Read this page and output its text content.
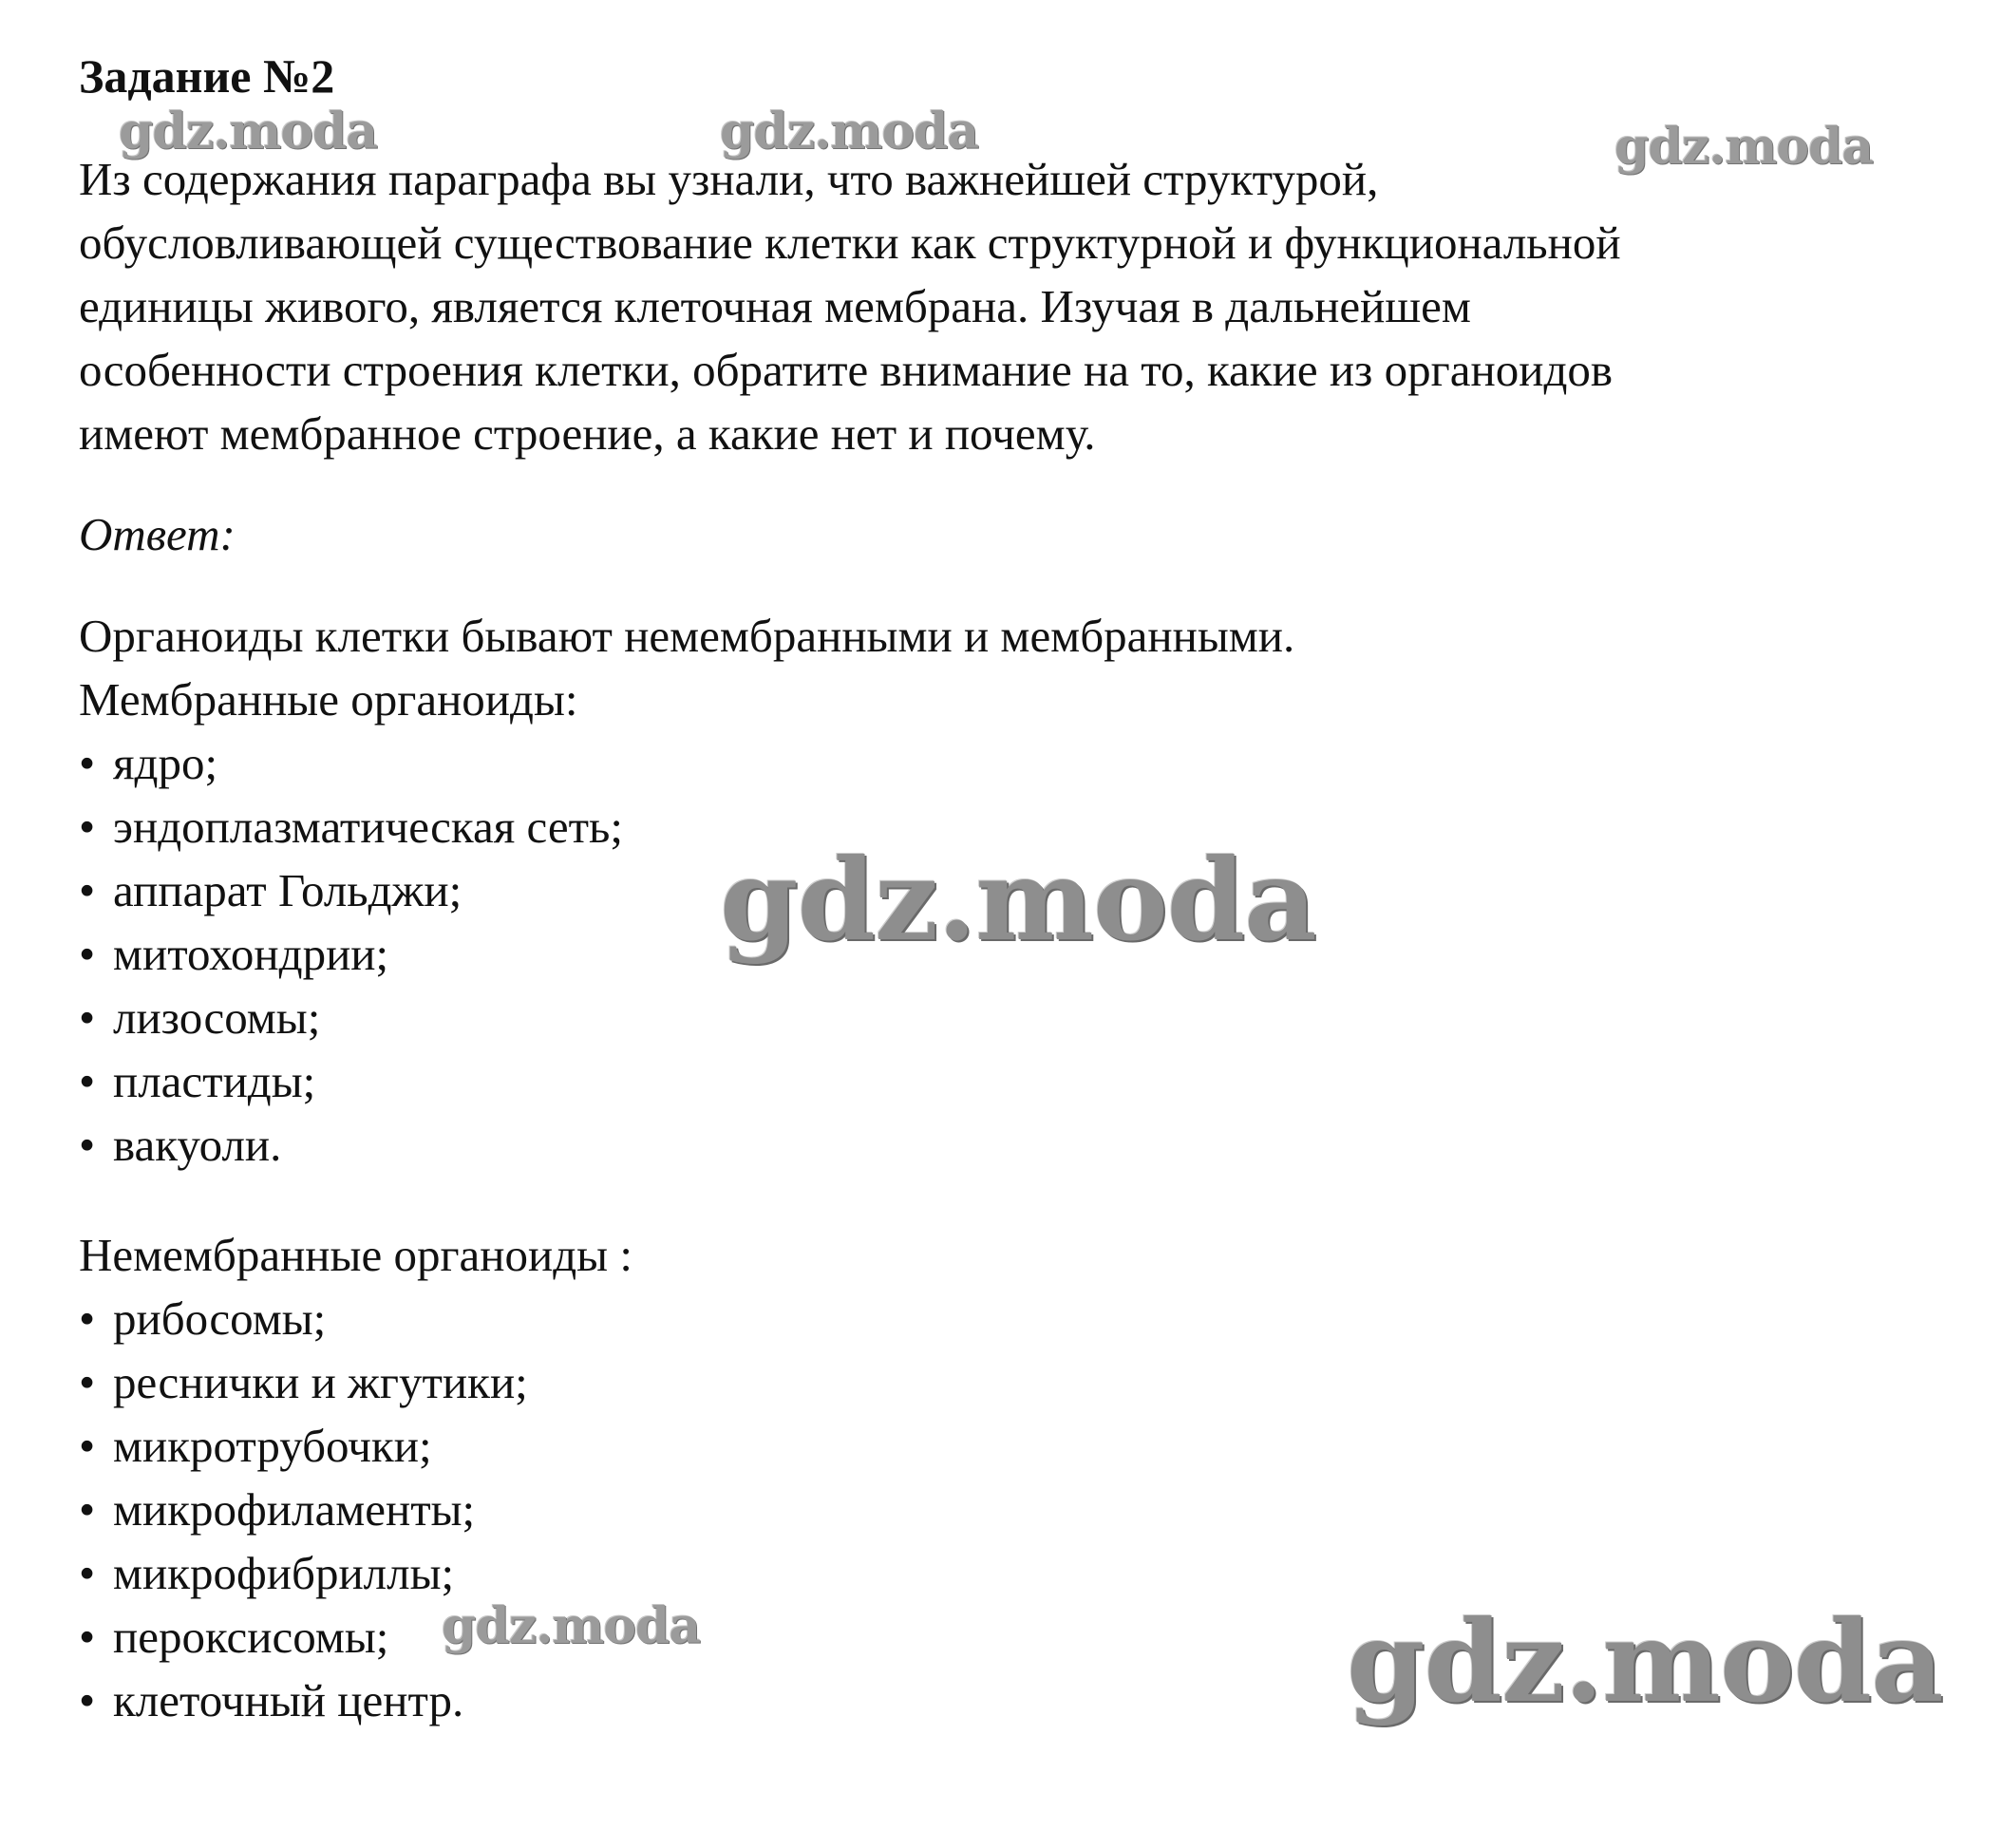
Задание №2

Из содержания параграфа вы узнали, что важнейшей структурой,
обусловливающей существование клетки как структурной и функциональной
единицы живого, является клеточная мембрана. Изучая в дальнейшем
особенности строения клетки, обратите внимание на то, какие из органоидов
имеют мембранное строение, а какие нет и почему.

Ответ:

Органоиды клетки бывают немембранными и мембранными.

Мембранные органоиды:
• ядро;
• эндоплазматическая сеть;
• аппарат Гольджи;
• митохондрии;
• лизосомы;
• пластиды;
• вакуоли.
Немембранные органоиды :
• рибосомы;
• реснички и жгутики;
• микротрубочки;
• микрофиламенты;
• микрофибриллы;
• пероксисомы;
• клеточный центр.
gdz.moda	gdz.moda	gdz.moda
gdz.moda
gdz.moda	gdz.moda
